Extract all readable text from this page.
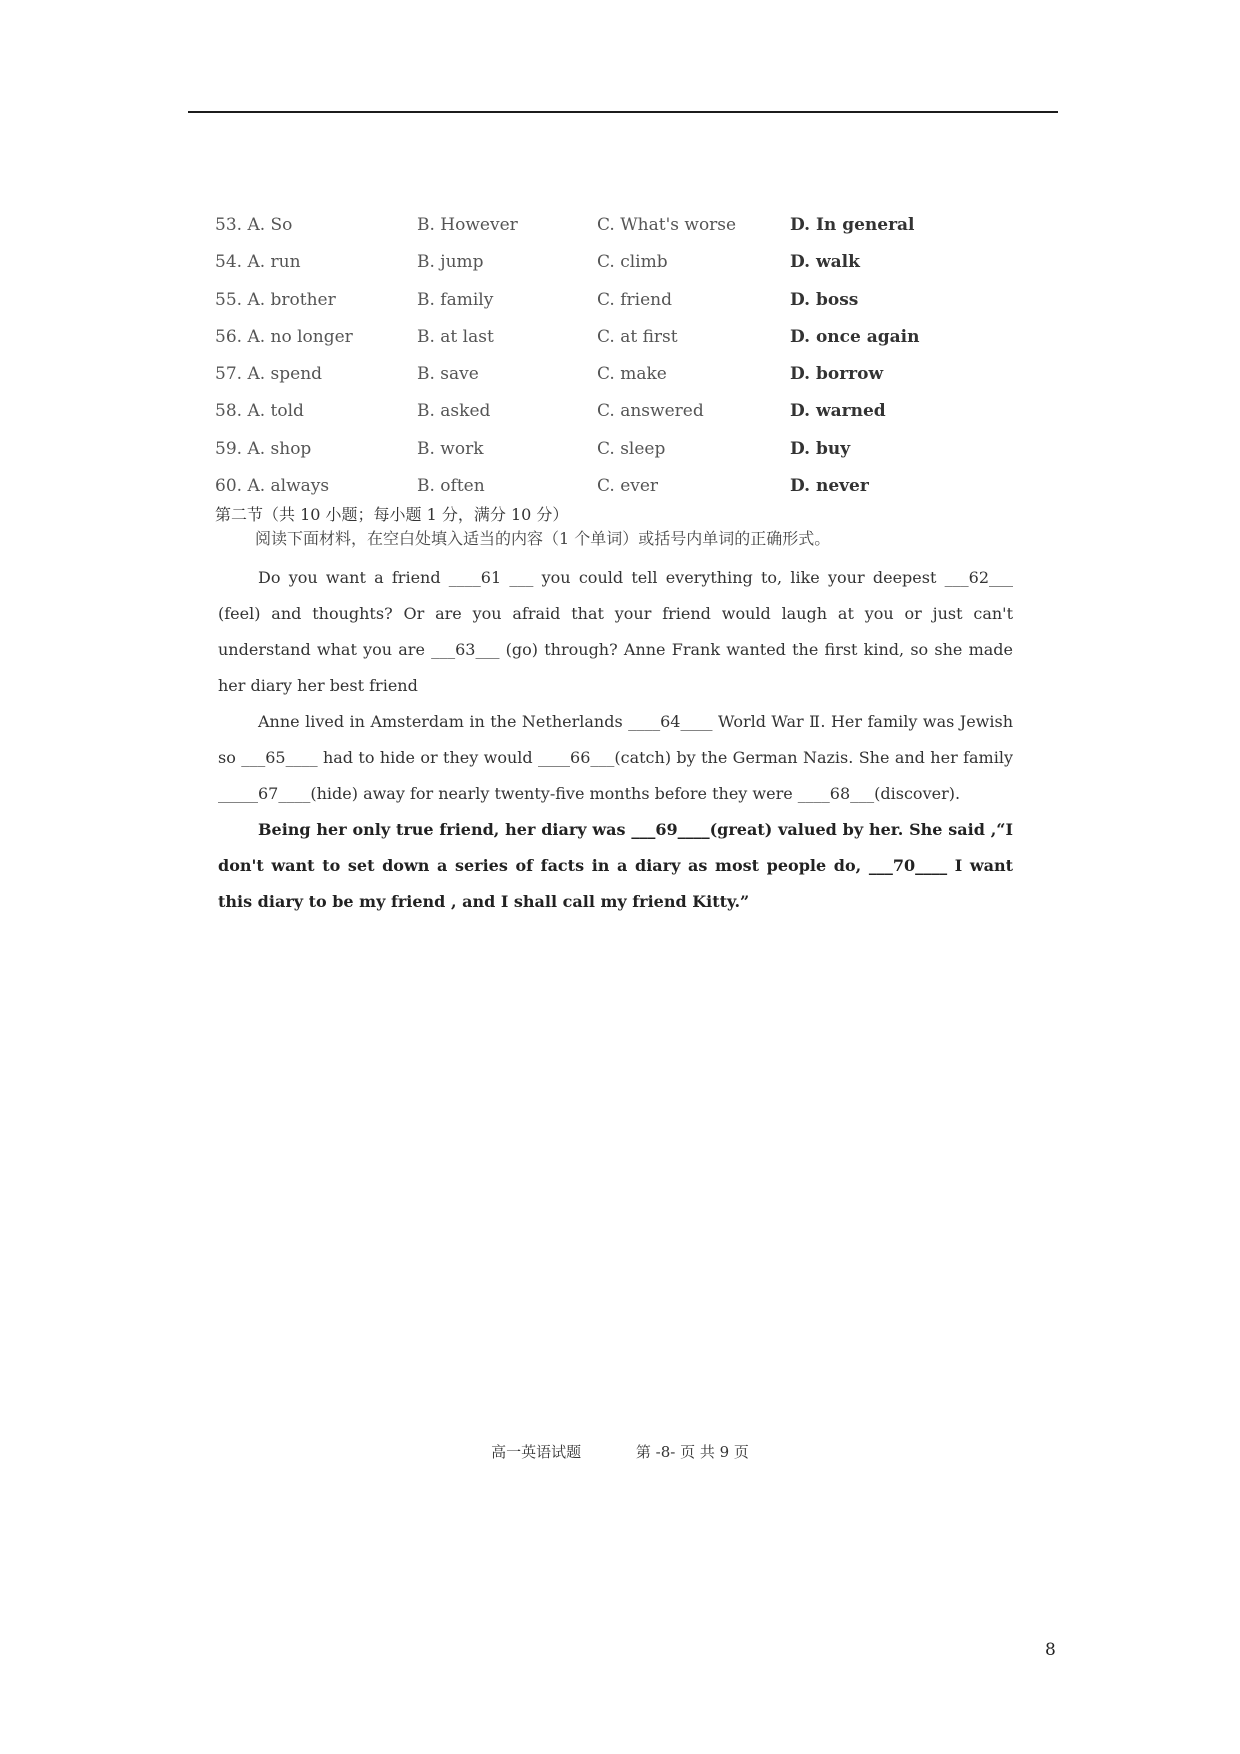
53. A. So	B. However	C. What's worse	D. In general
54. A. run	B. jump	C. climb	D. walk
55. A. brother	B. family	C. friend	D. boss
56. A. no longer	B. at last	C. at first	D. once again
57. A. spend	B. save	C. make	D. borrow
58. A. told	B. asked	C. answered	D. warned
59. A. shop	B. work	C. sleep	D. buy
60. A. always	B. often	C. ever	D. never
第二节（共 10 小题；每小题 1 分，满分 10 分）
阅读下面材料，在空白处填入适当的内容（1 个单词）或括号内单词的正确形式。

Do you want a friend ____61 ___ you could tell everything to, like your deepest ___62___ (feel) and thoughts? Or are you afraid that your friend would laugh at you or just can't understand what you are ___63___ (go) through? Anne Frank wanted the first kind, so she made her diary her best friend

Anne lived in Amsterdam in the Netherlands ____64____ World War Ⅱ. Her family was Jewish so ___65____ had to hide or they would ____66___(catch) by the German Nazis. She and her family _____67____(hide) away for nearly twenty-five months before they were ____68___(discover).

Being her only true friend, her diary was ___69____(great) valued by her. She said ,“I don't want to set down a series of facts in a diary as most people do, ___70____ I want this diary to be my friend , and I shall call my friend Kitty.”

高一英语试题	第 -8- 页 共 9 页
8
